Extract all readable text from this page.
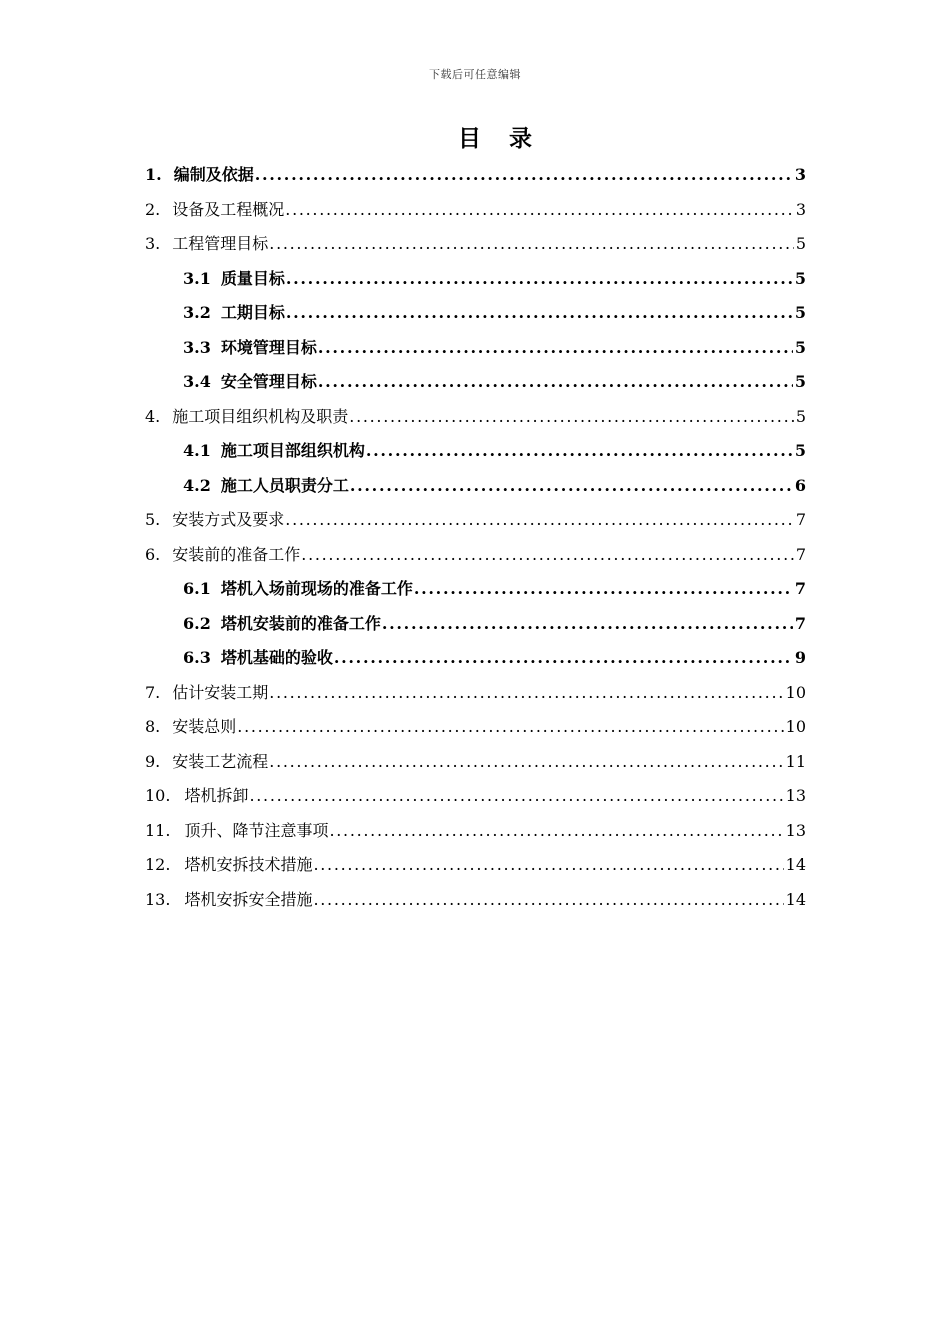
下载后可任意编辑
目 录
1. 编制及依据 .....	3
2. 设备及工程概况 .....	3
3. 工程管理目标 .....	5
3.1 质量目标 .....	5
3.2 工期目标 .....	5
3.3 环境管理目标 .....	5
3.4 安全管理目标 .....	5
4. 施工项目组织机构及职责 .....	5
4.1 施工项目部组织机构 .....	5
4.2 施工人员职责分工 .....	6
5. 安装方式及要求 .....	7
6. 安装前的准备工作 .....	7
6.1 塔机入场前现场的准备工作 .....	7
6.2 塔机安装前的准备工作 .....	7
6.3 塔机基础的验收 .....	9
7. 估计安装工期 .....	10
8. 安装总则 .....	10
9. 安装工艺流程 .....	11
10. 塔机拆卸 .....	13
11. 顶升、降节注意事项 .....	13
12. 塔机安拆技术措施 .....	14
13. 塔机安拆安全措施 .....	14
